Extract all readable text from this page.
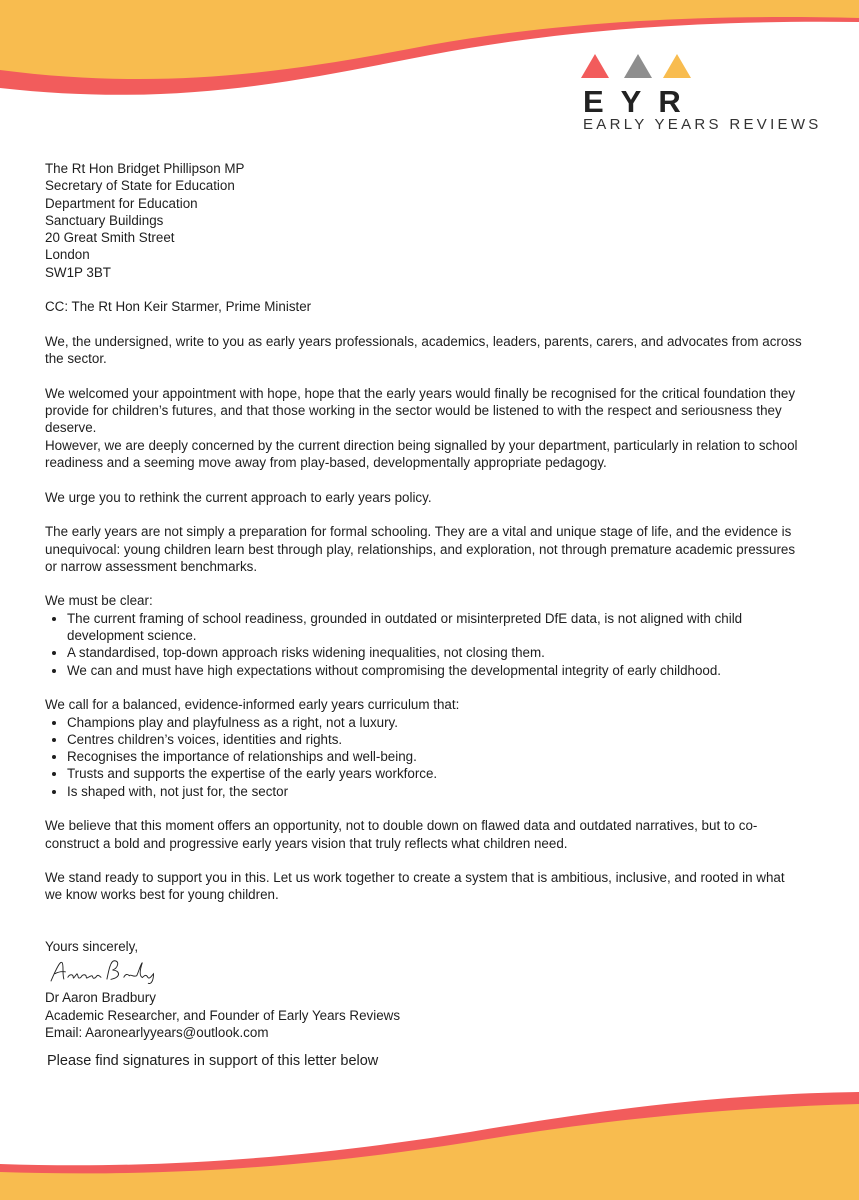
EYR
EARLY YEARS REVIEWS
The Rt Hon Bridget Phillipson MP
Secretary of State for Education
Department for Education
Sanctuary Buildings
20 Great Smith Street
London
SW1P 3BT

CC: The Rt Hon Keir Starmer, Prime Minister

We, the undersigned, write to you as early years professionals, academics, leaders, parents, carers, and advocates from across the sector.

We welcomed your appointment with hope, hope that the early years would finally be recognised for the critical foundation they provide for children’s futures, and that those working in the sector would be listened to with the respect and seriousness they deserve.

However, we are deeply concerned by the current direction being signalled by your department, particularly in relation to school readiness and a seeming move away from play-based, developmentally appropriate pedagogy.

We urge you to rethink the current approach to early years policy.

The early years are not simply a preparation for formal schooling. They are a vital and unique stage of life, and the evidence is unequivocal: young children learn best through play, relationships, and exploration, not through premature academic pressures or narrow assessment benchmarks.

We must be clear:

• The current framing of school readiness, grounded in outdated or misinterpreted DfE data, is not aligned with child development science.
• A standardised, top-down approach risks widening inequalities, not closing them.
• We can and must have high expectations without compromising the developmental integrity of early childhood.

We call for a balanced, evidence-informed early years curriculum that:

• Champions play and playfulness as a right, not a luxury.
• Centres children’s voices, identities and rights.
• Recognises the importance of relationships and well-being.
• Trusts and supports the expertise of the early years workforce.
• Is shaped with, not just for, the sector

We believe that this moment offers an opportunity, not to double down on flawed data and outdated narratives, but to co-construct a bold and progressive early years vision that truly reflects what children need.

We stand ready to support you in this. Let us work together to create a system that is ambitious, inclusive, and rooted in what we know works best for young children.

Yours sincerely,
Dr Aaron Bradbury
Academic Researcher, and Founder of Early Years Reviews
Email: Aaronearlyyears@outlook.com
Please find signatures in support of this letter below
